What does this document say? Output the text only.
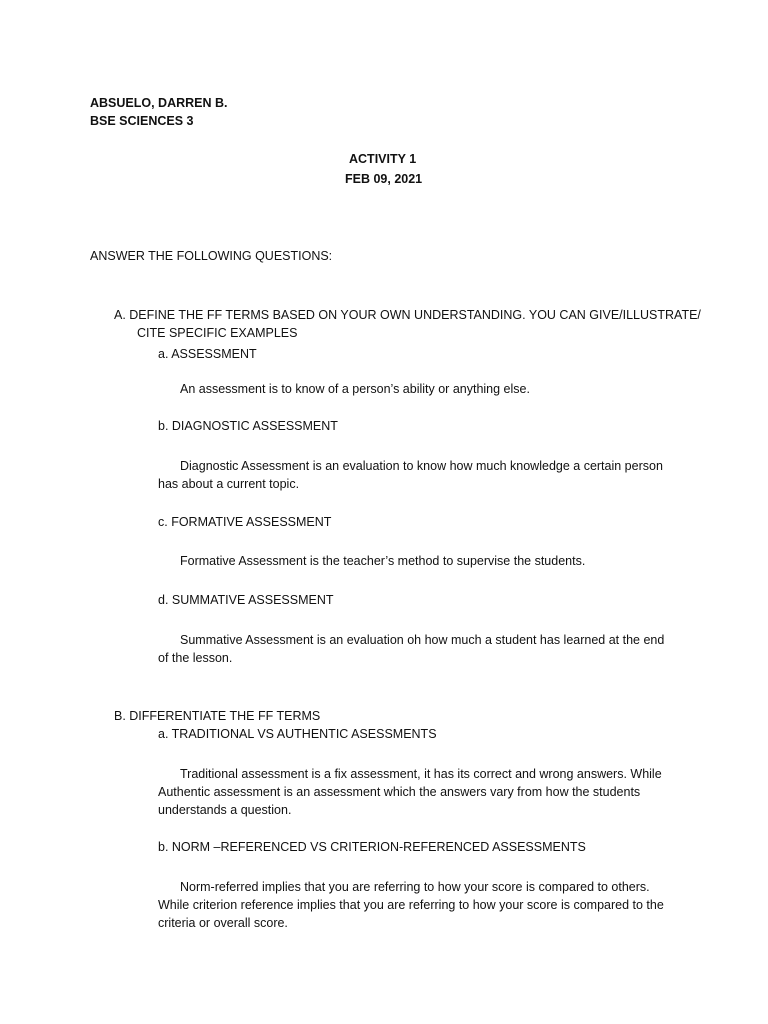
ABSUELO, DARREN B.
BSE SCIENCES 3
ACTIVITY 1
FEB 09, 2021
ANSWER THE FOLLOWING QUESTIONS:
A. DEFINE THE FF TERMS BASED ON YOUR OWN UNDERSTANDING. YOU CAN GIVE/ILLUSTRATE/
CITE SPECIFIC EXAMPLES
a. ASSESSMENT
An assessment is to know of a person’s ability or anything else.
b. DIAGNOSTIC ASSESSMENT
Diagnostic Assessment is an evaluation to know how much knowledge a certain person has about a current topic.
c. FORMATIVE ASSESSMENT
Formative Assessment is the teacher’s method to supervise the students.
d. SUMMATIVE ASSESSMENT
Summative Assessment is an evaluation oh how much a student has learned at the end of the lesson.
B. DIFFERENTIATE THE FF TERMS
a. TRADITIONAL VS AUTHENTIC ASESSMENTS
Traditional assessment is a fix assessment, it has its correct and wrong answers. While Authentic assessment is an assessment which the answers vary from how the students understands a question.
b. NORM –REFERENCED VS CRITERION-REFERENCED ASSESSMENTS
Norm-referred implies that you are referring to how your score is compared to others. While criterion reference implies that you are referring to how your score is compared to the criteria or overall score.
